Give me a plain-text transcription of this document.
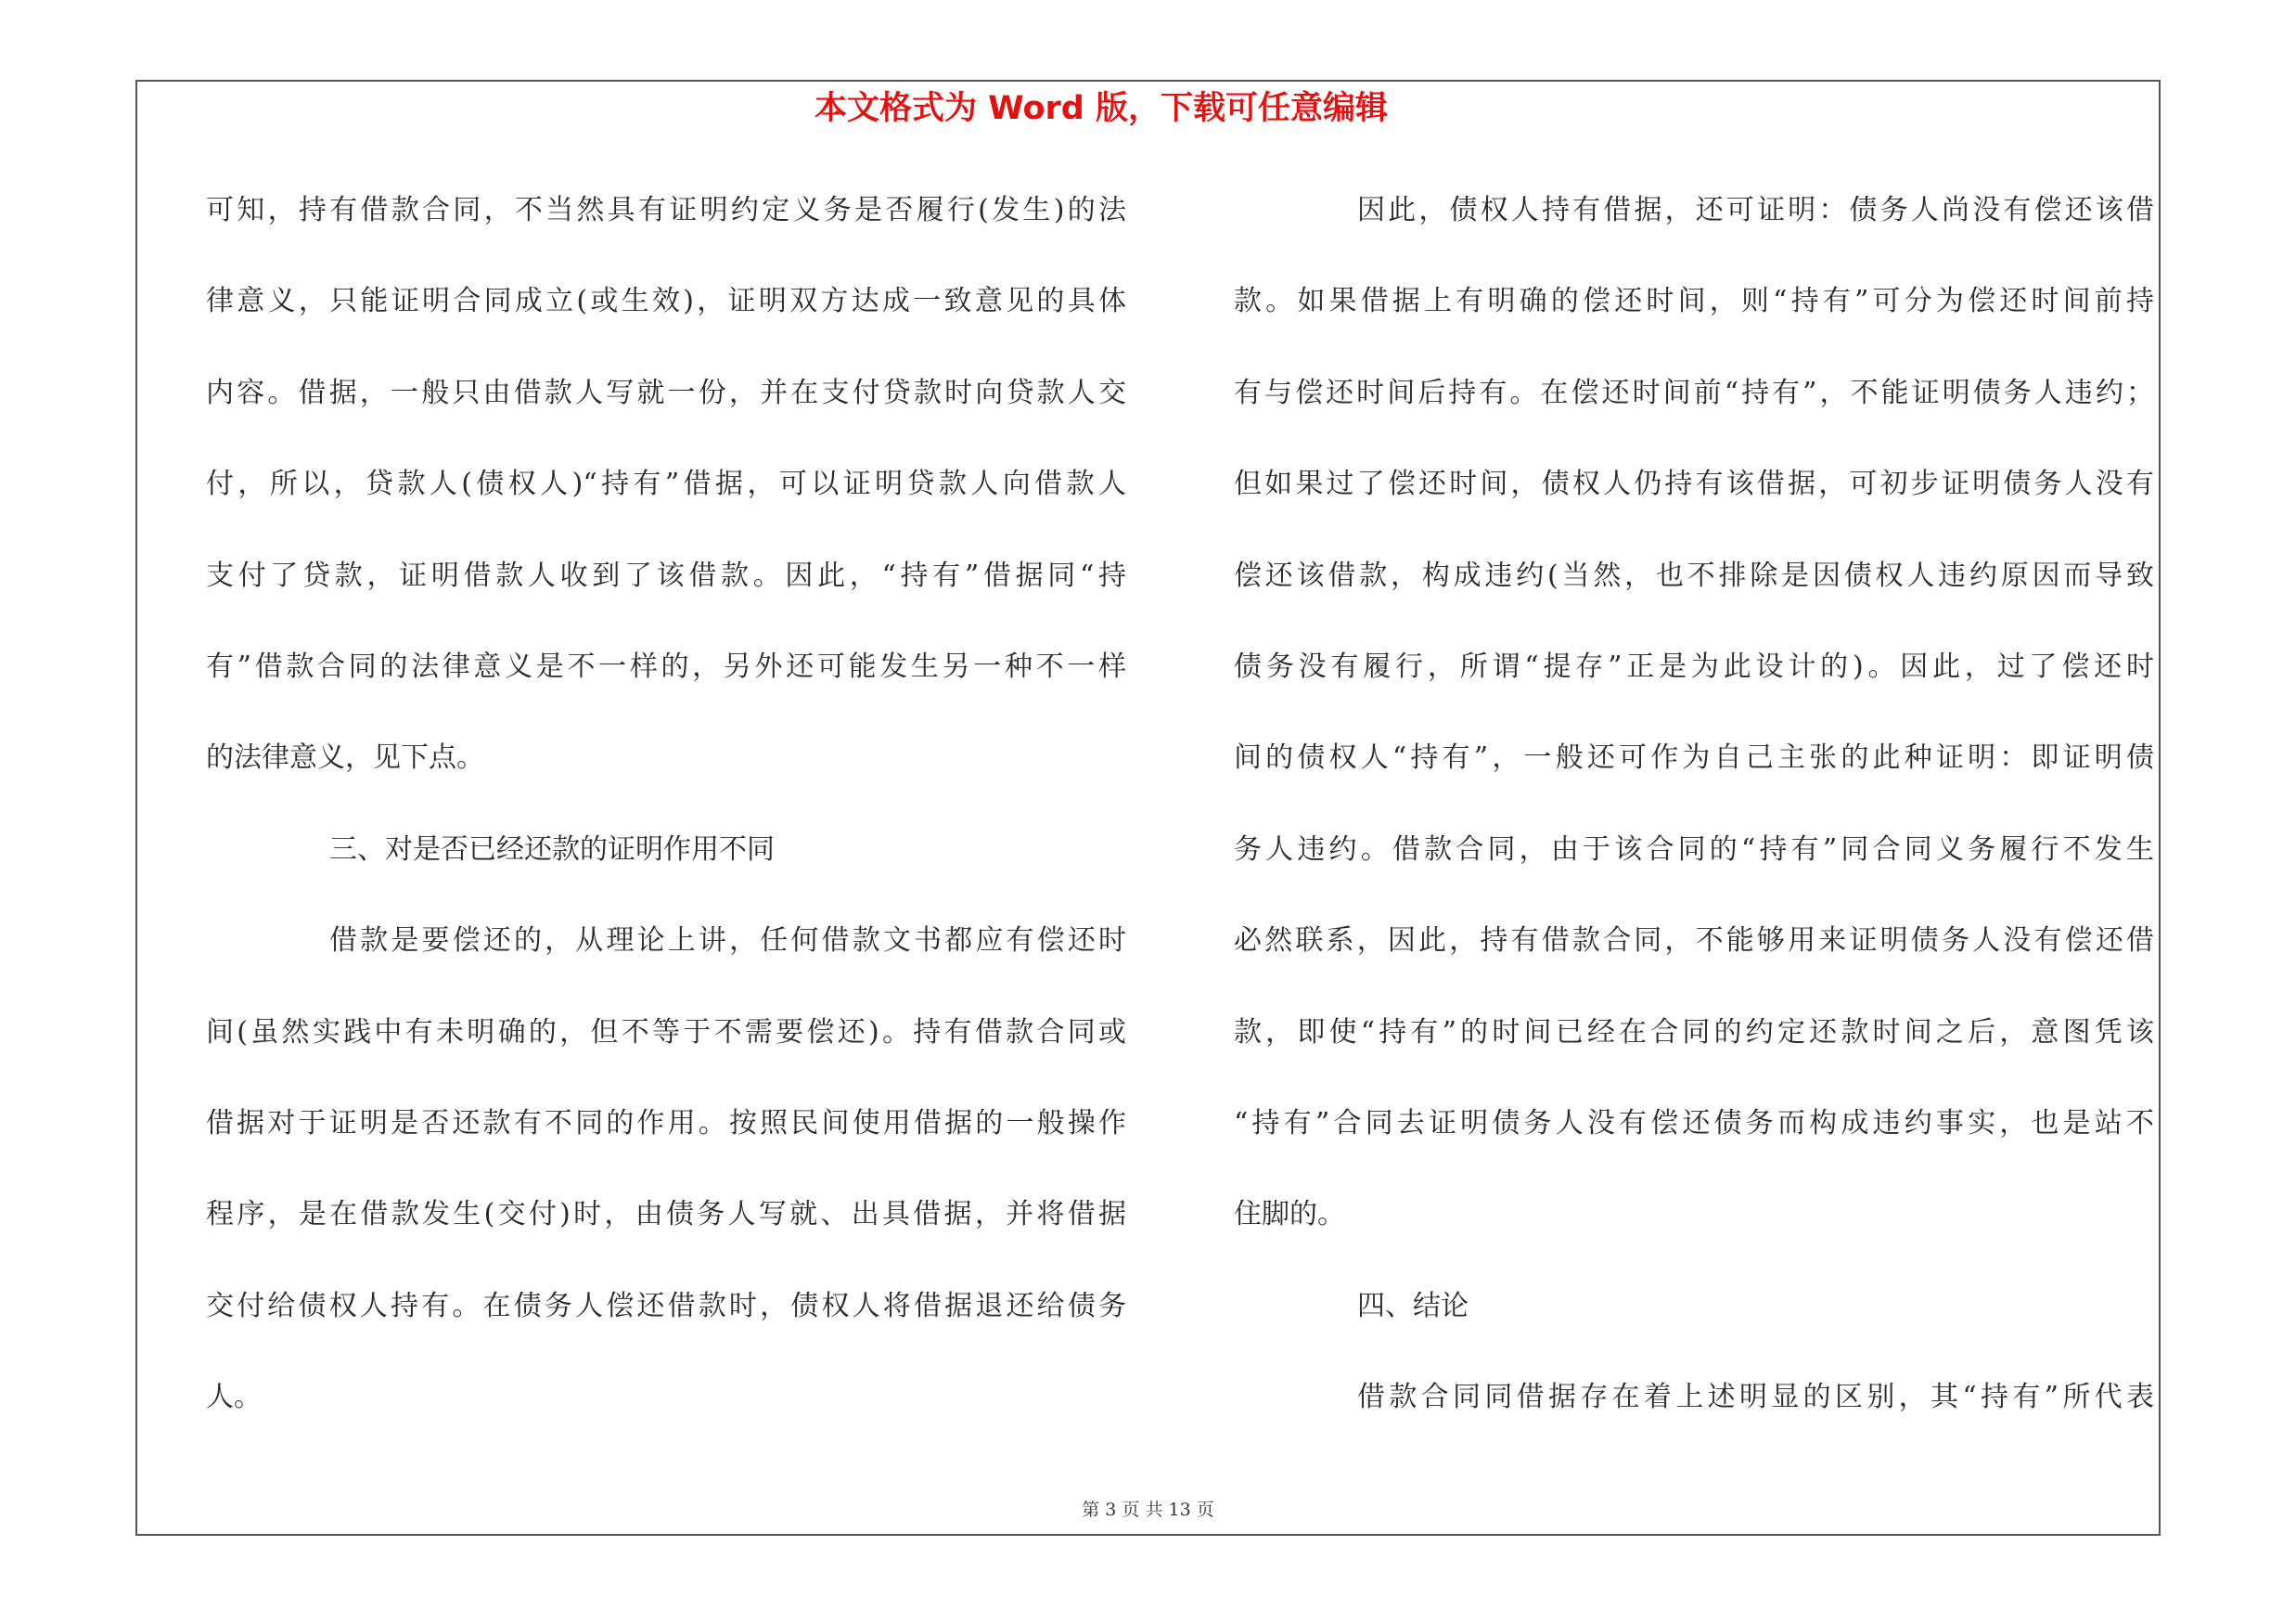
本文格式为 Word 版，下载可任意编辑
可知，持有借款合同，不当然具有证明约定义务是否履行(发生)的法
律意义，只能证明合同成立(或生效)，证明双方达成一致意见的具体
内容。借据，一般只由借款人写就一份，并在支付贷款时向贷款人交
付，所以，贷款人(债权人)“持有”借据，可以证明贷款人向借款人
支付了贷款，证明借款人收到了该借款。因此，“持有”借据同“持
有”借款合同的法律意义是不一样的，另外还可能发生另一种不一样
的法律意义，见下点。
三、对是否已经还款的证明作用不同
借款是要偿还的，从理论上讲，任何借款文书都应有偿还时
间(虽然实践中有未明确的，但不等于不需要偿还)。持有借款合同或
借据对于证明是否还款有不同的作用。按照民间使用借据的一般操作
程序，是在借款发生(交付)时，由债务人写就、出具借据，并将借据
交付给债权人持有。在债务人偿还借款时，债权人将借据退还给债务
人。
因此，债权人持有借据，还可证明：债务人尚没有偿还该借
款。如果借据上有明确的偿还时间，则“持有”可分为偿还时间前持
有与偿还时间后持有。在偿还时间前“持有”，不能证明债务人违约；
但如果过了偿还时间，债权人仍持有该借据，可初步证明债务人没有
偿还该借款，构成违约(当然，也不排除是因债权人违约原因而导致
债务没有履行，所谓“提存”正是为此设计的)。因此，过了偿还时
间的债权人“持有”，一般还可作为自己主张的此种证明：即证明债
务人违约。借款合同，由于该合同的“持有”同合同义务履行不发生
必然联系，因此，持有借款合同，不能够用来证明债务人没有偿还借
款，即使“持有”的时间已经在合同的约定还款时间之后，意图凭该
“持有”合同去证明债务人没有偿还债务而构成违约事实，也是站不
住脚的。
四、结论
借款合同同借据存在着上述明显的区别，其“持有”所代表
第 3 页 共 13 页
